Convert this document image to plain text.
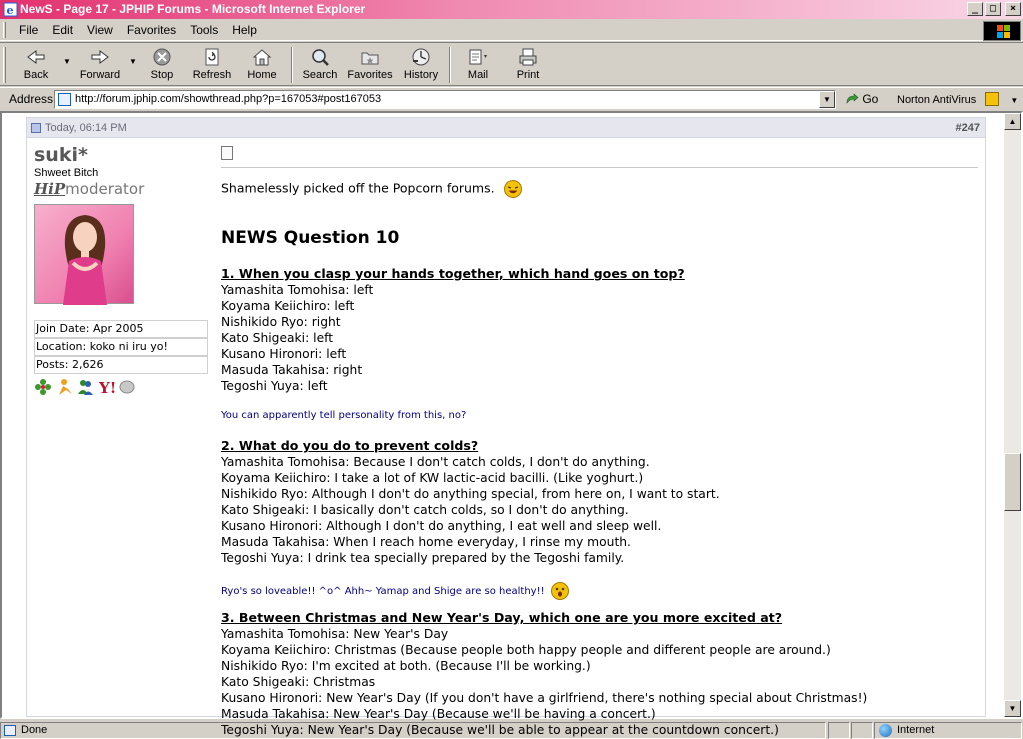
e NewS - Page 17 - JPHIP Forums - Microsoft Internet Explorer	_	□	×
File	Edit	View	Favorites	Tools	Help
Back
▼
Forward
▼
Stop	Refresh	Home	Search Favorites	History	Mail	Print
Address	http://forum.jphip.com/showthread.php?p=167053#post167053	▼	Go Norton AntiVirus	▼
Today, 06:14 PM	#247
suki*
Shweet Bitch
HiPmoderator
Join Date: Apr 2005
Location: koko ni iru yo!
Posts: 2,626
Y!
Shamelessly picked off the Popcorn forums.
NEWS Question 10
1. When you clasp your hands together, which hand goes on top?
Yamashita Tomohisa: left
Koyama Keiichiro: left
Nishikido Ryo: right
Kato Shigeaki: left
Kusano Hironori: left
Masuda Takahisa: right
Tegoshi Yuya: left
You can apparently tell personality from this, no?
2. What do you do to prevent colds?
Yamashita Tomohisa: Because I don't catch colds, I don't do anything.
Koyama Keiichiro: I take a lot of KW lactic-acid bacilli. (Like yoghurt.)
Nishikido Ryo: Although I don't do anything special, from here on, I want to start.
Kato Shigeaki: I basically don't catch colds, so I don't do anything.
Kusano Hironori: Although I don't do anything, I eat well and sleep well.
Masuda Takahisa: When I reach home everyday, I rinse my mouth.
Tegoshi Yuya: I drink tea specially prepared by the Tegoshi family.
Ryo's so loveable!! ^o^ Ahh~ Yamap and Shige are so healthy!!
3. Between Christmas and New Year's Day, which one are you more excited at?
Yamashita Tomohisa: New Year's Day
Koyama Keiichiro: Christmas (Because people both happy people and different people are around.)
Nishikido Ryo: I'm excited at both. (Because I'll be working.)
Kato Shigeaki: Christmas
Kusano Hironori: New Year's Day (If you don't have a girlfriend, there's nothing special about Christmas!)
Masuda Takahisa: New Year's Day (Because we'll be having a concert.)
Tegoshi Yuya: New Year's Day (Because we'll be able to appear at the countdown concert.)
▲
▼
Done	Internet
